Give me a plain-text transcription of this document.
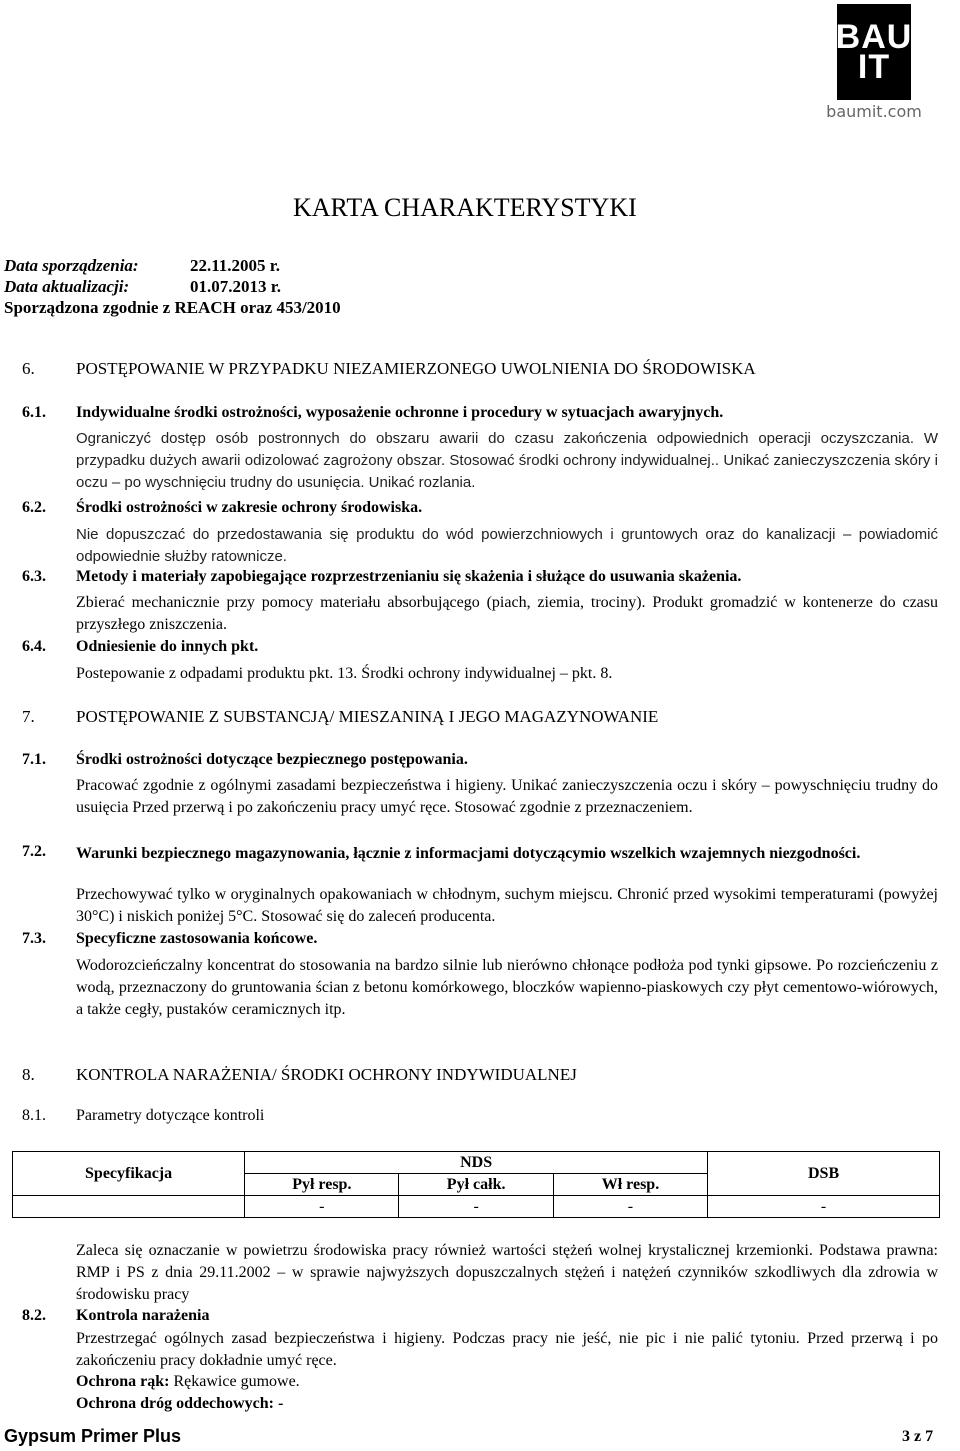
BAU
IT
baumit.com
KARTA CHARAKTERYSTYKI
Data sporządzenia:	22.11.2005 r.
Data aktualizacji:	01.07.2013 r.
Sporządzona zgodnie z REACH oraz 453/2010
6. POSTĘPOWANIE W PRZYPADKU NIEZAMIERZONEGO UWOLNIENIA DO ŚRODOWISKA
6.1. Indywidualne środki ostrożności, wyposażenie ochronne i procedury w sytuacjach awaryjnych.
Ograniczyć dostęp osób postronnych do obszaru awarii do czasu zakończenia odpowiednich operacji oczyszczania. W przypadku dużych awarii odizolować zagrożony obszar. Stosować środki ochrony indywidualnej.. Unikać zanieczyszczenia skóry i oczu – po wyschnięciu trudny do usunięcia. Unikać rozlania.
6.2. Środki ostrożności w zakresie ochrony środowiska.
Nie dopuszczać do przedostawania się produktu do wód powierzchniowych i gruntowych oraz do kanalizacji – powiadomić odpowiednie służby ratownicze.
6.3. Metody i materiały zapobiegające rozprzestrzenianiu się skażenia i służące do usuwania skażenia.
Zbierać mechanicznie przy pomocy materiału absorbującego (piach, ziemia, trociny). Produkt gromadzić w kontenerze do czasu przyszłego zniszczenia.
6.4. Odniesienie do innych pkt.
Postepowanie z odpadami produktu pkt. 13. Środki ochrony indywidualnej – pkt. 8.
7. POSTĘPOWANIE Z SUBSTANCJĄ/ MIESZANINĄ I JEGO MAGAZYNOWANIE
7.1. Środki ostrożności dotyczące bezpiecznego postępowania.
Pracować zgodnie z ogólnymi zasadami bezpieczeństwa i higieny. Unikać zanieczyszczenia oczu i skóry – powyschnięciu trudny do usuięcia Przed przerwą i po zakończeniu pracy umyć ręce. Stosować zgodnie z przeznaczeniem.
7.2. Warunki bezpiecznego magazynowania, łącznie z informacjami dotyczącymio wszelkich wzajemnych niezgodności.
Przechowywać tylko w oryginalnych opakowaniach w chłodnym, suchym miejscu. Chronić przed wysokimi temperaturami (powyżej 30°C) i niskich poniżej 5°C. Stosować się do zaleceń producenta.
7.3. Specyficzne zastosowania końcowe.
Wodorozcieńczalny koncentrat do stosowania na bardzo silnie lub nierówno chłonące podłoża pod tynki gipsowe. Po rozcieńczeniu z wodą, przeznaczony do gruntowania ścian z betonu komórkowego, bloczków wapienno-piaskowych czy płyt cementowo-wiórowych, a także cegły, pustaków ceramicznych itp.
8. KONTROLA NARAŻENIA/ ŚRODKI OCHRONY INDYWIDUALNEJ
8.1. Parametry dotyczące kontroli
Specyfikacja	NDS			DSB
	Pył resp.	Pył całk.	Wł resp.	
	-	-	-	-
Zaleca się oznaczanie w powietrzu środowiska pracy również wartości stężeń wolnej krystalicznej krzemionki. Podstawa prawna: RMP i PS z dnia 29.11.2002 – w sprawie najwyższych dopuszczalnych stężeń i natężeń czynników szkodliwych dla zdrowia w środowisku pracy
8.2. Kontrola narażenia
Przestrzegać ogólnych zasad bezpieczeństwa i higieny. Podczas pracy nie jeść, nie pic i nie palić tytoniu. Przed przerwą i po zakończeniu pracy dokładnie umyć ręce.
Ochrona rąk: Rękawice gumowe.
Ochrona dróg oddechowych: -
Gypsum Primer Plus	3 z 7
